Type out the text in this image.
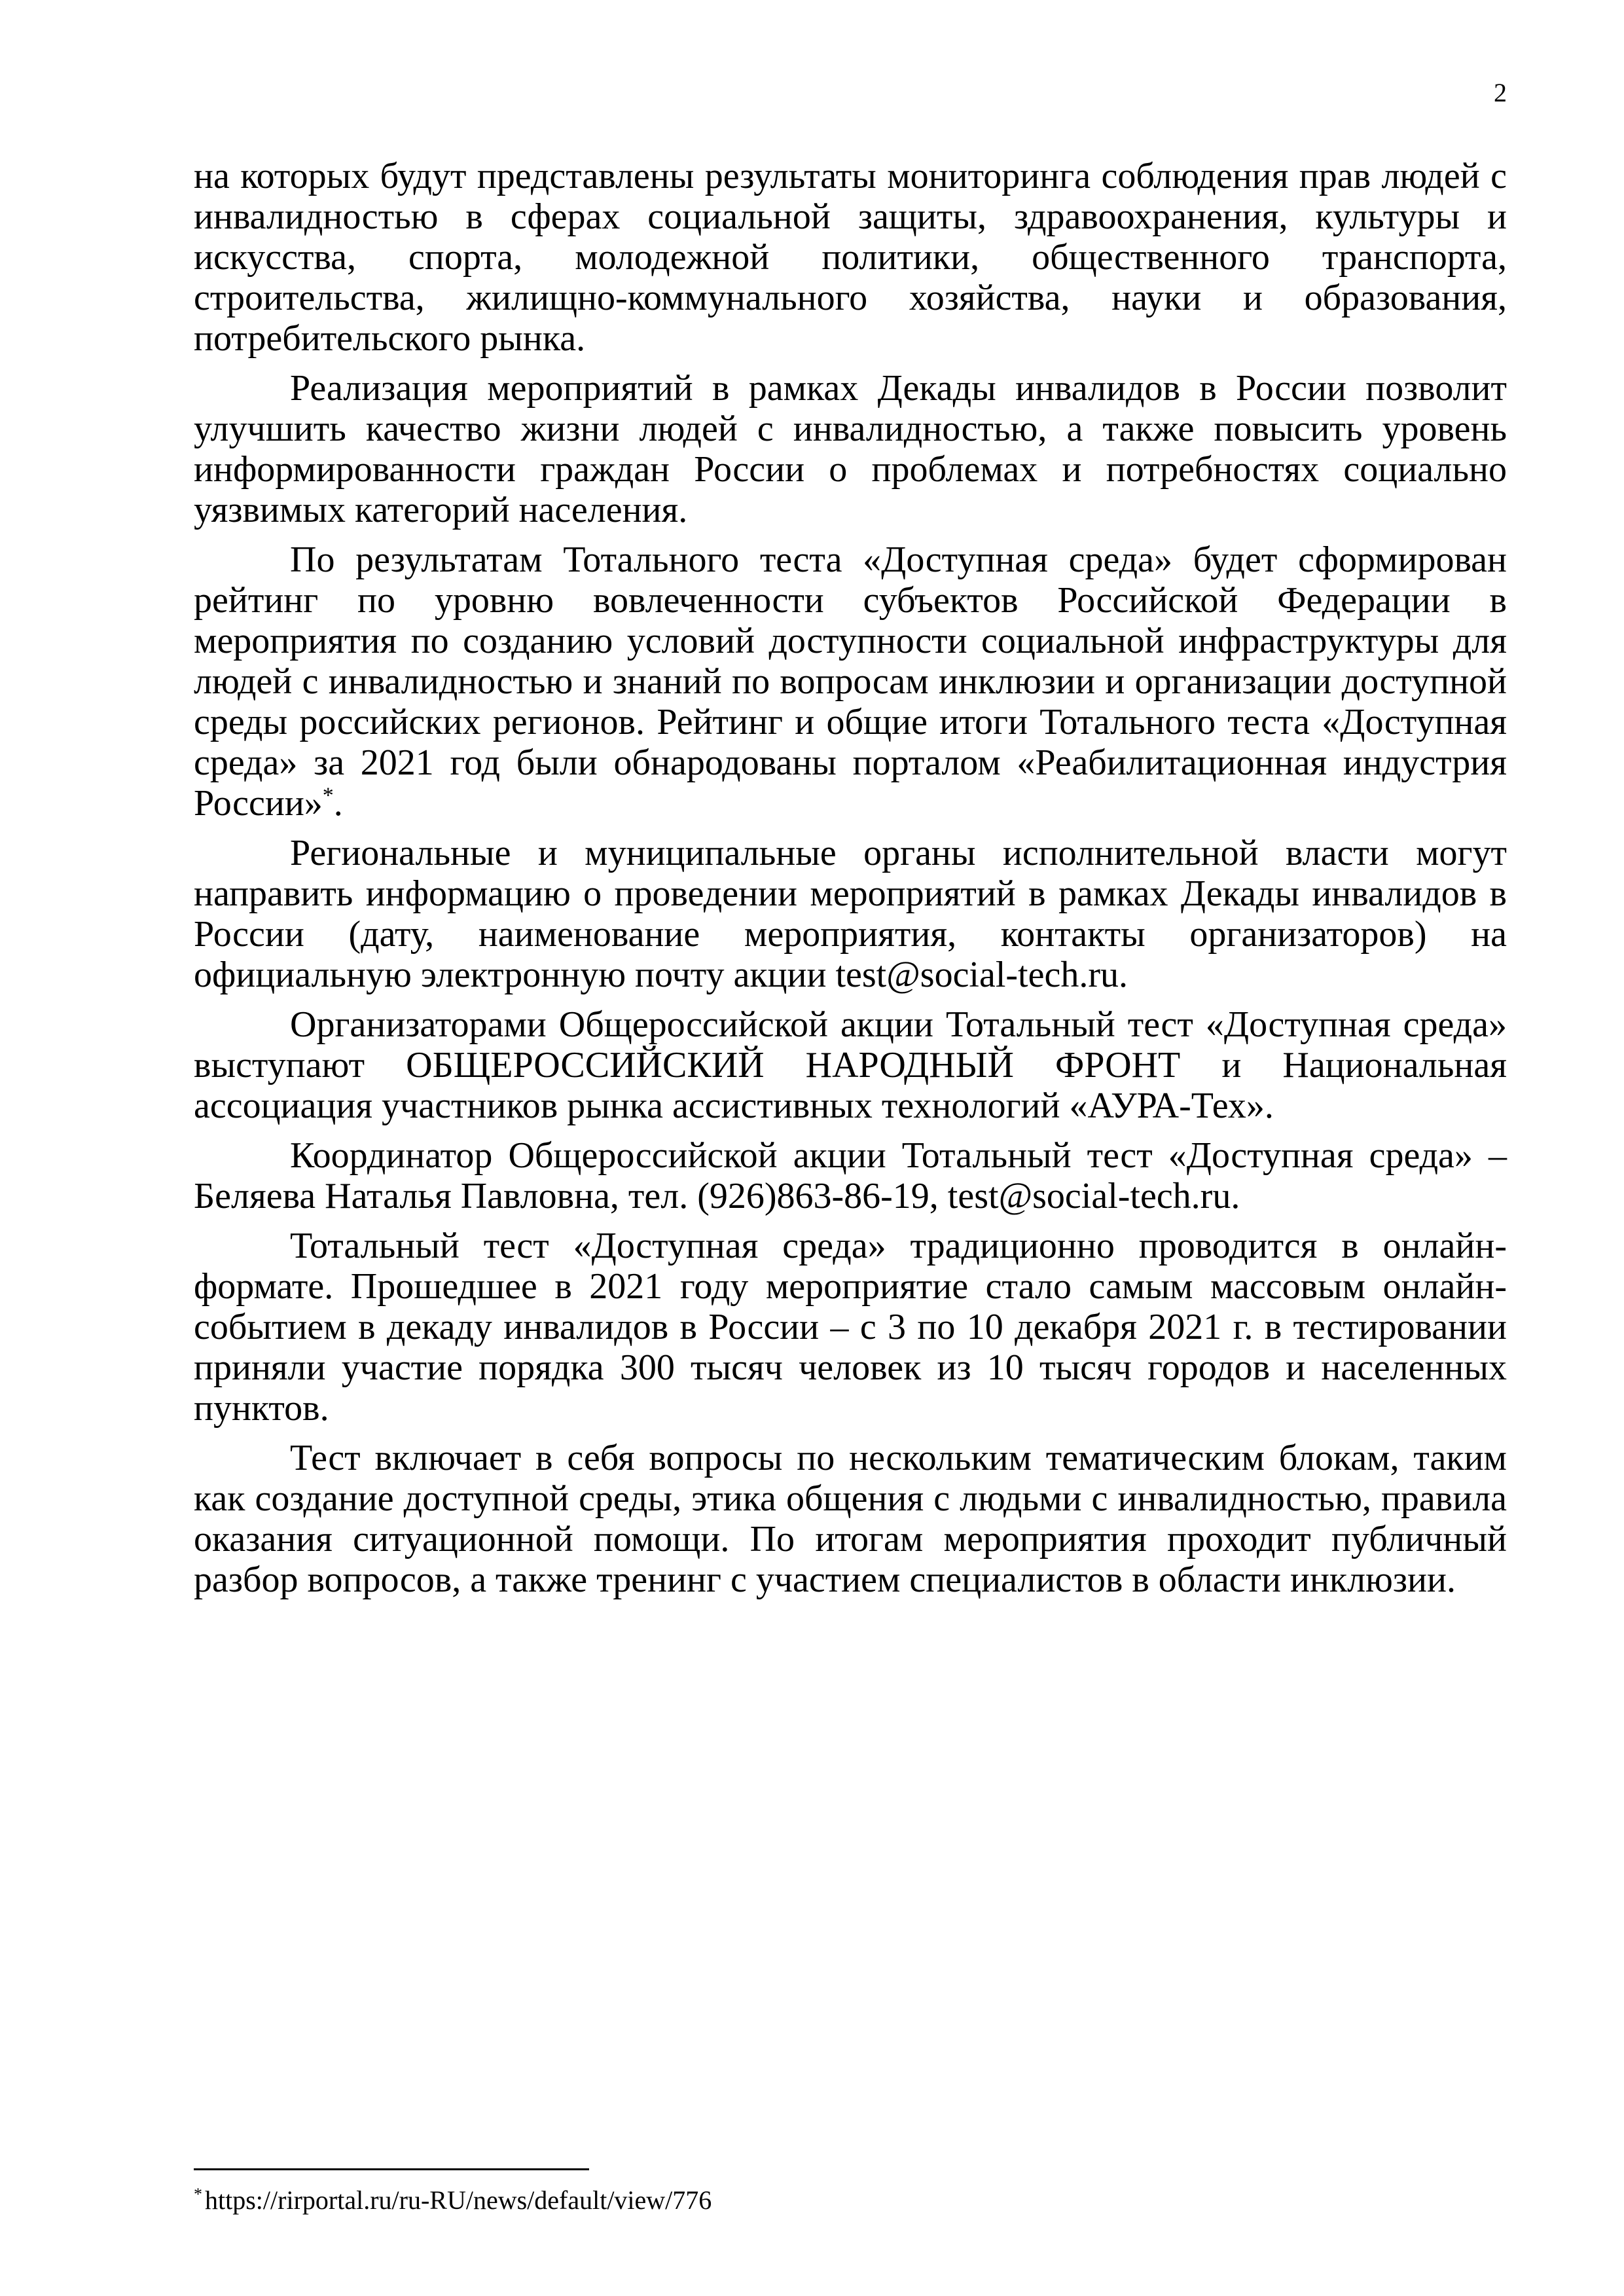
2

на которых будут представлены результаты мониторинга соблюдения прав людей с инвалидностью в сферах социальной защиты, здравоохранения, культуры и искусства, спорта, молодежной политики, общественного транспорта, строительства, жилищно-коммунального хозяйства, науки и образования, потребительского рынка.

Реализация мероприятий в рамках Декады инвалидов в России позволит улучшить качество жизни людей с инвалидностью, а также повысить уровень информированности граждан России о проблемах и потребностях социально уязвимых категорий населения.

По результатам Тотального теста «Доступная среда» будет сформирован рейтинг по уровню вовлеченности субъектов Российской Федерации в мероприятия по созданию условий доступности социальной инфраструктуры для людей с инвалидностью и знаний по вопросам инклюзии и организации доступной среды российских регионов. Рейтинг и общие итоги Тотального теста «Доступная среда» за 2021 год были обнародованы порталом «Реабилитационная индустрия России»*.

Региональные и муниципальные органы исполнительной власти могут направить информацию о проведении мероприятий в рамках Декады инвалидов в России (дату, наименование мероприятия, контакты организаторов) на официальную электронную почту акции test@social-tech.ru.

Организаторами Общероссийской акции Тотальный тест «Доступная среда» выступают ОБЩЕРОССИЙСКИЙ НАРОДНЫЙ ФРОНТ и Национальная ассоциация участников рынка ассистивных технологий «АУРА-Тех».

Координатор Общероссийской акции Тотальный тест «Доступная среда» – Беляева Наталья Павловна, тел. (926)863-86-19, test@social-tech.ru.

Тотальный тест «Доступная среда» традиционно проводится в онлайн-формате. Прошедшее в 2021 году мероприятие стало самым массовым онлайн-событием в декаду инвалидов в России – с 3 по 10 декабря 2021 г. в тестировании приняли участие порядка 300 тысяч человек из 10 тысяч городов и населенных пунктов.

Тест включает в себя вопросы по нескольким тематическим блокам, таким как создание доступной среды, этика общения с людьми с инвалидностью, правила оказания ситуационной помощи. По итогам мероприятия проходит публичный разбор вопросов, а также тренинг с участием специалистов в области инклюзии.

* https://rirportal.ru/ru-RU/news/default/view/776
